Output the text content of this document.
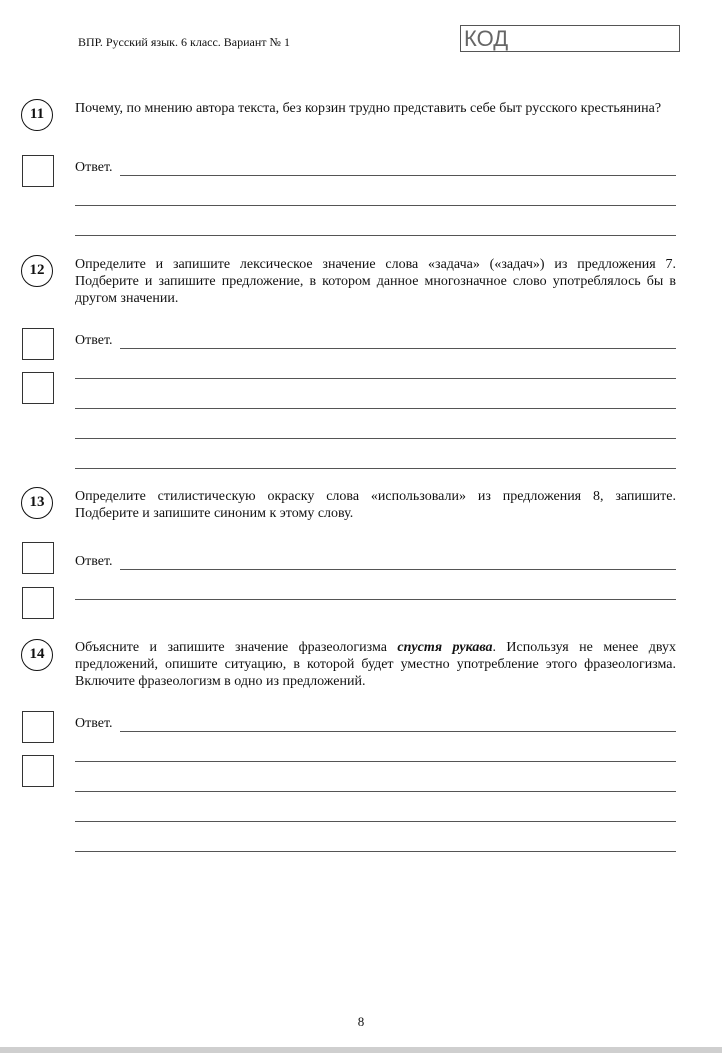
ВПР. Русский язык. 6 класс. Вариант № 1	КОД
11	Почему, по мнению автора текста, без корзин трудно представить себе быт русского крестьянина?
Ответ.
12	Определите и запишите лексическое значение слова «задача» («задач») из предложения 7. Подберите и запишите предложение, в котором данное многозначное слово употреблялось бы в другом значении.
Ответ.
13	Определите стилистическую окраску слова «использовали» из предложения 8, запишите. Подберите и запишите синоним к этому слову.
Ответ.
14	Объясните и запишите значение фразеологизма спустя рукава. Используя не менее двух предложений, опишите ситуацию, в которой будет уместно употребление этого фразеологизма. Включите фразеологизм в одно из предложений.
Ответ.
8
